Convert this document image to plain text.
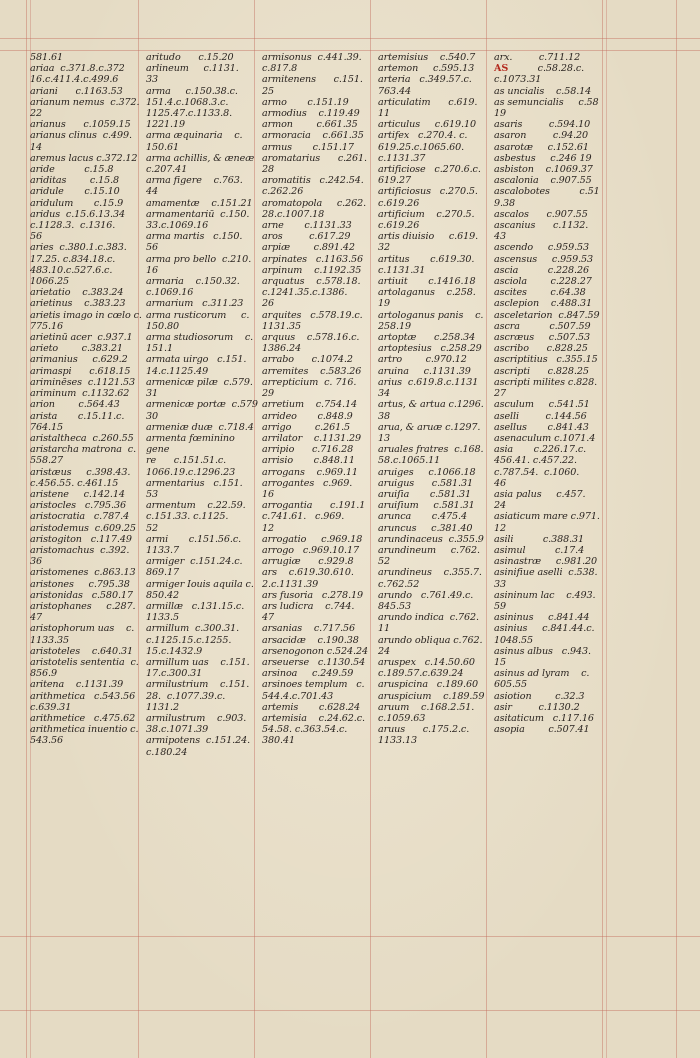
581.61
ariaa  c.371.8.c.372
16.c.411.4.c.499.6
ariani      c.1163.53
arianum nemus  c.372.
22
arianus      c.1059.15
arianus clinus  c.499.
14
aremus lacus c.372.12
aride          c.15.8
ariditas        c.15.8
aridule       c.15.10
aridulum       c.15.9
aridus  c.15.6.13.34
c.1128.3.  c.1316.
56
aries  c.380.1.c.383.
17.25. c.834.18.c.
483.10.c.527.6.c.
1066.25
arietatio    c.383.24
arietinus    c.383.23
arietis imago in cœlo c.
775.16
arietinū acer  c.937.1
arieto        c.383.21
arimanius     c.629.2
arimaspi      c.618.15
ariminēses  c.1121.53
ariminum  c.1132.62
arion        c.564.43
arista       c.15.11.c.
764.15
aristaltheca  c.260.55
aristarcha matrona  c.
558.27
aristæus     c.398.43.
c.456.55. c.461.15
aristene     c.142.14
aristocles   c.795.36
aristocratia   c.787.4
aristodemus  c.609.25
aristogiton   c.117.49
aristomachus  c.392.
36
aristomenes  c.863.13
aristones     c.795.38
aristonidas   c.580.17
aristophanes     c.287.
47
aristophorum uas    c.
1133.35
aristoteles    c.640.31
aristotelis sententia  c.
856.9
aritena    c.1131.39
arithmetica   c.543.56
c.639.31
arithmetice   c.475.62
arithmetica inuentio c.
543.56
aritudo      c.15.20
arlineum     c.1131.
33
arma     c.150.38.c.
151.4.c.1068.3.c.
1125.47.c.1133.8.
1221.19
arma æquinaria    c.
150.61
arma achillis, & æneæ
c.207.41
arma figere    c.763.
44
amamentæ    c.151.21
armamentariū  c.150.
33.c.1069.16
arma martis   c.150.
56
arma pro bello  c.210.
16
armaria    c.150.32.
c.1069.16
armarium   c.311.23
arma rusticorum     c.
150.80
arma studiosorum    c.
151.1
armata uirgo   c.151.
14.c.1125.49
armenicæ pilæ  c.579.
31
armenicæ portæ  c.579
30
armeniæ duæ  c.718.4
armenta fœminino gene
re      c.151.51.c.
1066.19.c.1296.23
armentarius   c.151.
53
armentum    c.22.59.
c.151.33. c.1125.
52
armi       c.151.56.c.
1133.7
armiger  c.151.24.c.
869.17
armiger Iouis aquila c.
850.42
armillæ   c.131.15.c.
1133.5
armillum  c.300.31.
c.1125.15.c.1255.
15.c.1432.9
armillum uas    c.151.
17.c.300.31
armilustrium    c.151.
28.  c.1077.39.c.
1131.2
armilustrum    c.903.
38.c.1071.39
armipotens  c.151.24.
c.180.24
armisonus  c.441.39.
c.817.8
armitenens      c.151.
25
armo       c.151.19
armodius    c.119.49
armon        c.661.35
armoracia    c.661.35
armus       c.151.17
aromatarius      c.261.
28
aromatitis   c.242.54.
c.262.26
aromatopola     c.262.
28.c.1007.18
arne       c.1131.33
aros         c.617.29
arpiæ        c.891.42
arpinates   c.1163.56
arpinum    c.1192.35
arquatus    c.578.18.
c.1241.35.c.1386.
26
arquites   c.578.19.c.
1131.35
arquus    c.578.16.c.
1386.24
arrabo      c.1074.2
arremites    c.583.26
arrepticium  c. 716.
29
arretium    c.754.14
arrideo       c.848.9
arrigo        c.261.5
arrilator    c.1131.29
arripio      c.716.28
arrisio       c.848.11
arrogans    c.969.11
arrogantes   c.969.
16
arrogantia      c.191.1
c.741.61.   c.969.
12
arrogatio     c.969.18
arrogo   c.969.10.17
arrugiæ      c.929.8
ars    c.619.30.610.
2.c.1131.39
ars fusoria   c.278.19
ars ludicra    c.744.
47
arsanias    c.717.56
arsacidæ    c.190.38
arsenogonon c.524.24
arseuerse   c.1130.54
arsinoa     c.249.59
arsinoes templum   c.
544.4.c.701.43
artemis       c.628.24
artemisia    c.24.62.c.
54.58. c.363.54.c.
380.41
artemisius    c.540.7
artemon     c.595.13
arteria   c.349.57.c.
763.44
articulatim      c.619.
11
articulus     c.619.10
artifex   c.270.4. c.
619.25.c.1065.60.
c.1131.37
artificiose   c.270.6.c.
619.27
artificiosus   c.270.5.
c.619.26
artificium    c.270.5.
c.619.26
artis diuisio     c.619.
32
artitus       c.619.30.
c.1131.31
artiuit       c.1416.18
artolaganus    c.258.
19
artologanus panis    c.
258.19
artoptæ      c.258.34
artoptesius   c.258.29
artro        c.970.12
aruina     c.1131.39
arius  c.619.8.c.1131
34
artus, & artua c.1296.
38
arua, & aruæ c.1297.
13
aruales fratres  c.168.
58.c.1065.11
aruiges     c.1066.18
aruigus      c.581.31
aruiſia       c.581.31
aruiſium     c.581.31
arunca       c.475.4
aruncus     c.381.40
arundinaceus  c.355.9
arundineum     c.762.
52
arundineus    c.355.7.
c.762.52
arundo   c.761.49.c.
845.53
arundo indica  c.762.
11
arundo obliqua c.762.
24
aruspex   c.14.50.60
c.189.57.c.639.24
aruspicina   c.189.60
aruspicium    c.189.59
aruum    c.168.2.51.
c.1059.63
aruus      c.175.2.c.
1133.13
arx.         c.711.12
AS          c.58.28.c.
c.1073.31
as uncialis    c.58.14
as semuncialis     c.58
19
asaris         c.594.10
asaron         c.94.20
asarotæ     c.152.61
asbestus     c.246 19
asbiston    c.1069.37
ascalonia    c.907.55
ascalobotes          c.51
9.38
ascalos      c.907.55
ascanius      c.1132.
43
ascendo     c.959.53
ascensus     c.959.53
ascia          c.228.26
asciola        c.228.27
ascites        c.64.38
asclepion    c.488.31
asceletarion  c.847.59
ascra          c.507.59
ascræus     c.507.53
ascribo      c.828.25
ascriptitius   c.355.15
ascripti      c.828.25
ascripti milites c.828.
27
asculum     c.541.51
aselli         c.144.56
asellus       c.841.43
asenaculum c.1071.4
asia       c.226.17.c.
456.41. c.457.22.
c.787.54.  c.1060.
46
asia palus     c.457.
24
asiaticum mare c.971.
12
asili          c.388.31
asimul          c.17.4
asinastræ     c.981.20
asinifiue aselli  c.538.
33
asininum lac    c.493.
59
asininus     c.841.44
asinius     c.841.44.c.
1048.55
asinus albus   c.943.
15
asinus ad lyram    c.
605.55
asiotion        c.32.3
asir         c.1130.2
asitaticum   c.117.16
asopia        c.507.41
